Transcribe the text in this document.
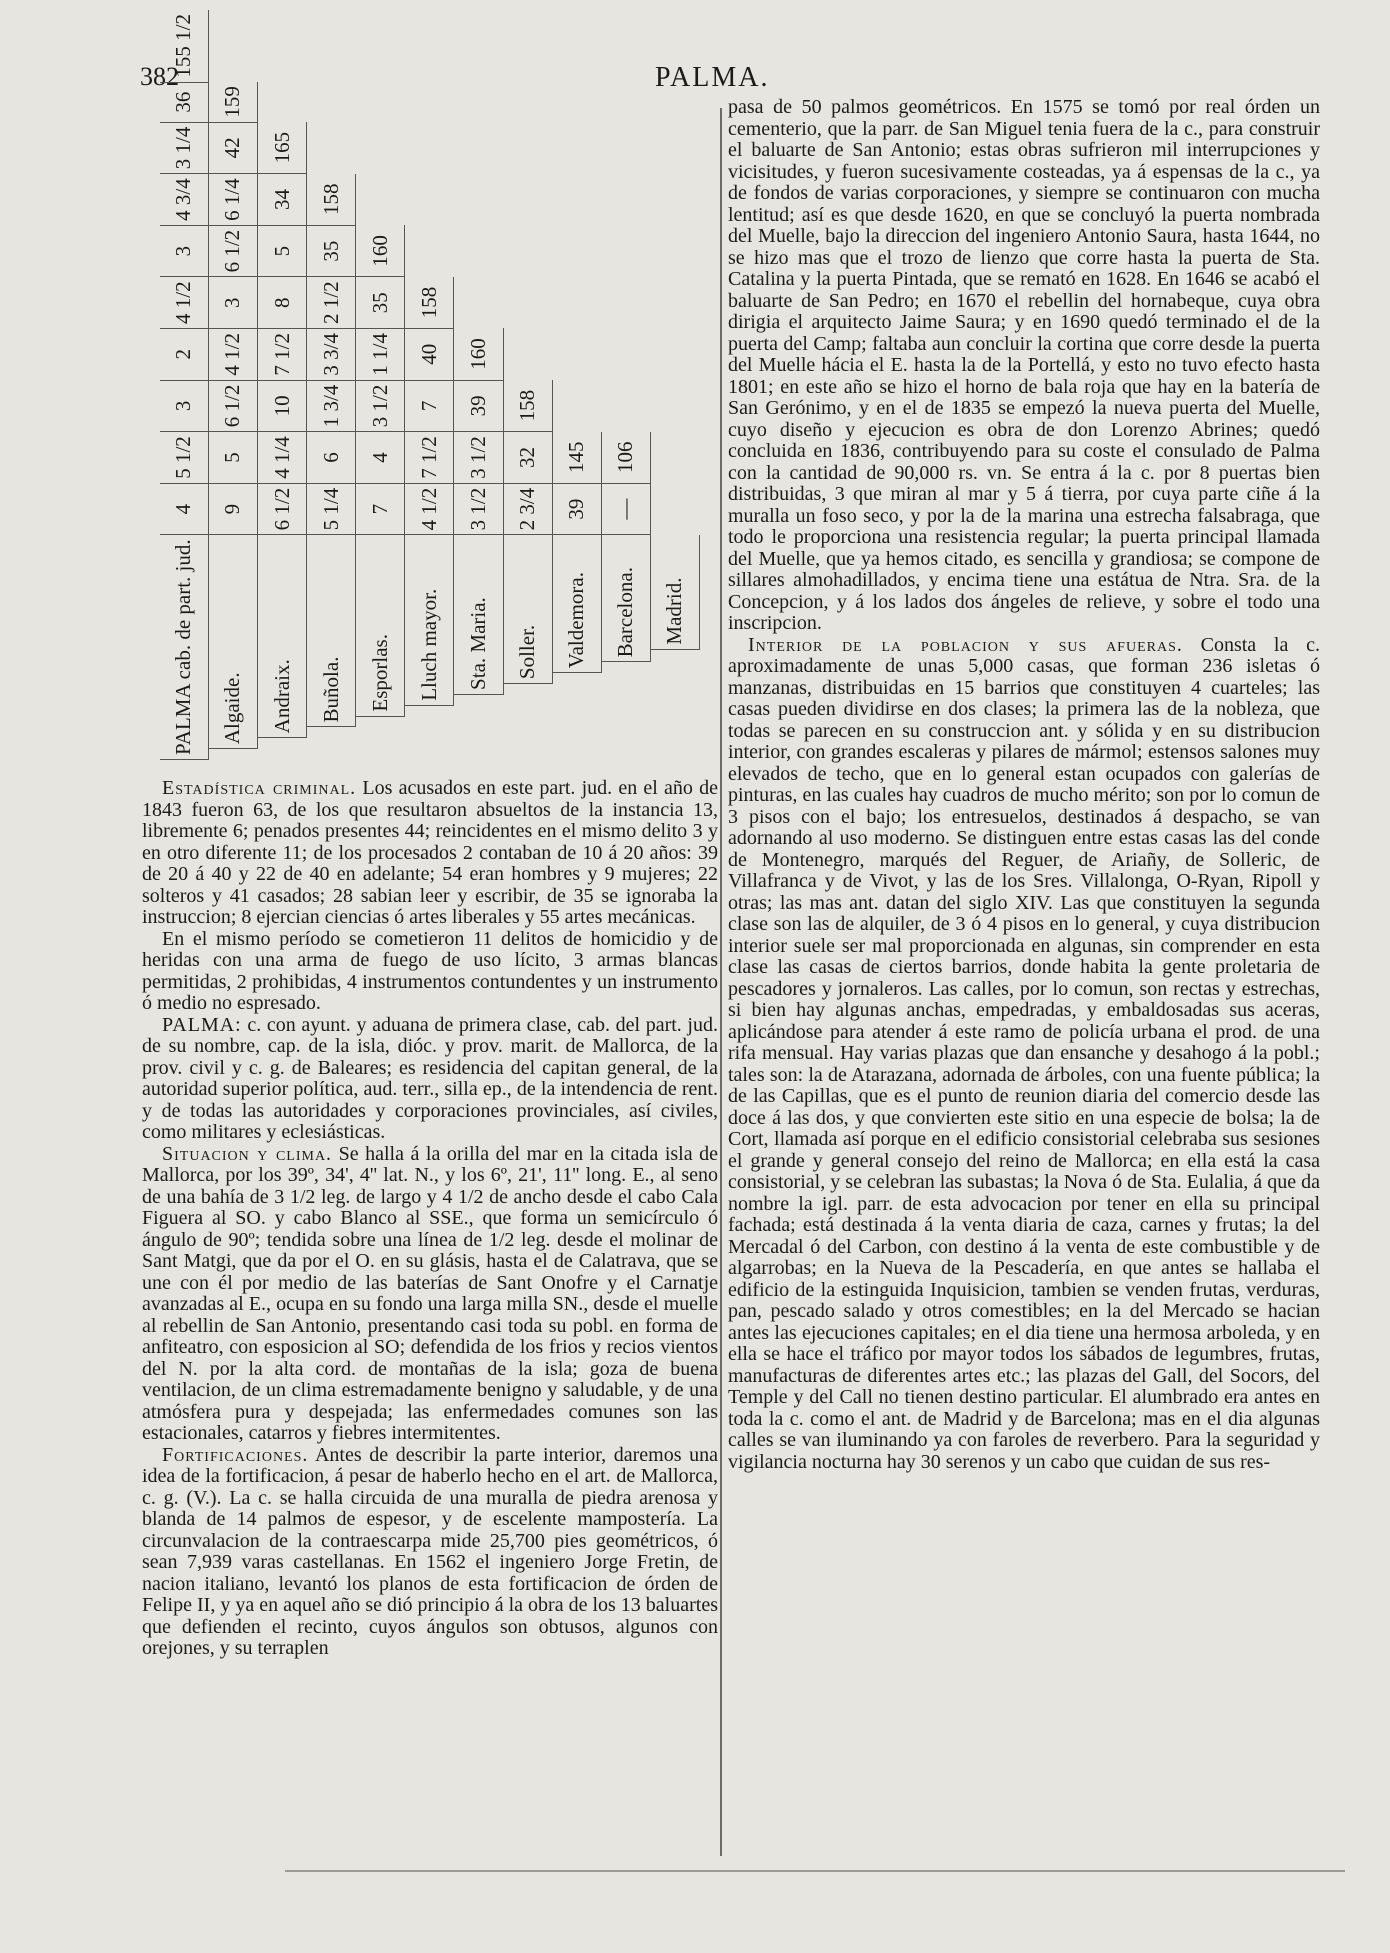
382	PALMA.
PALMA cab. de part. jud.											4	5 1/2	3	2	4 1/2	3	4 3/4	3 1/4	36	155 1/2
	Algaide.										9	5	6 1/2	4 1/2	3	6 1/2	6 1/4	42	159	
		Andraix.									6 1/2	4 1/4	10	7 1/2	8	5	34	165		
			Buñola.								5 1/4	6	1 3/4	3 3/4	2 1/2	35	158			
				Esporlas.							7	4	3 1/2	1 1/4	35	160				
					Lluch mayor.						4 1/2	7 1/2	7	40	158					
						Sta. Maria.					3 1/2	3 1/2	39	160						
							Soller.				2 3/4	32	158							
								Valdemora.			39	145								
									Barcelona.		—	106								
										Madrid.										

Estadística criminal. Los acusados en este part. jud. en el año de 1843 fueron 63, de los que resultaron absueltos de la instancia 13, libremente 6; penados presentes 44; reincidentes en el mismo delito 3 y en otro diferente 11; de los procesados 2 contaban de 10 á 20 años: 39 de 20 á 40 y 22 de 40 en adelante; 54 eran hombres y 9 mujeres; 22 solteros y 41 casados; 28 sabian leer y escribir, de 35 se ignoraba la instruccion; 8 ejercian ciencias ó artes liberales y 55 artes mecánicas.

En el mismo período se cometieron 11 delitos de homicidio y de heridas con una arma de fuego de uso lícito, 3 armas blancas permitidas, 2 prohibidas, 4 instrumentos contundentes y un instrumento ó medio no espresado.

PALMA: c. con ayunt. y aduana de primera clase, cab. del part. jud. de su nombre, cap. de la isla, dióc. y prov. marit. de Mallorca, de la prov. civil y c. g. de Baleares; es residencia del capitan general, de la autoridad superior política, aud. terr., silla ep., de la intendencia de rent. y de todas las autoridades y corporaciones provinciales, así civiles, como militares y eclesiásticas.

Situacion y clima. Se halla á la orilla del mar en la citada isla de Mallorca, por los 39º, 34', 4'' lat. N., y los 6º, 21', 11'' long. E., al seno de una bahía de 3 1/2 leg. de largo y 4 1/2 de ancho desde el cabo Cala Figuera al SO. y cabo Blanco al SSE., que forma un semicírculo ó ángulo de 90º; tendida sobre una línea de 1/2 leg. desde el molinar de Sant Matgi, que da por el O. en su glásis, hasta el de Calatrava, que se une con él por medio de las baterías de Sant Onofre y el Carnatje avanzadas al E., ocupa en su fondo una larga milla SN., desde el muelle al rebellin de San Antonio, presentando casi toda su pobl. en forma de anfiteatro, con esposicion al SO; defendida de los frios y recios vientos del N. por la alta cord. de montañas de la isla; goza de buena ventilacion, de un clima estremadamente benigno y saludable, y de una atmósfera pura y despejada; las enfermedades comunes son las estacionales, catarros y fiebres intermitentes.

Fortificaciones. Antes de describir la parte interior, daremos una idea de la fortificacion, á pesar de haberlo hecho en el art. de Mallorca, c. g. (V.). La c. se halla circuida de una muralla de piedra arenosa y blanda de 14 palmos de espesor, y de escelente mampostería. La circunvalacion de la contraescarpa mide 25,700 pies geométricos, ó sean 7,939 varas castellanas. En 1562 el ingeniero Jorge Fretin, de nacion italiano, levantó los planos de esta fortificacion de órden de Felipe II, y ya en aquel año se dió principio á la obra de los 13 baluartes que defienden el recinto, cuyos ángulos son obtusos, algunos con orejones, y su terraplen

pasa de 50 palmos geométricos. En 1575 se tomó por real órden un cementerio, que la parr. de San Miguel tenia fuera de la c., para construir el baluarte de San Antonio; estas obras sufrieron mil interrupciones y vicisitudes, y fueron sucesivamente costeadas, ya á espensas de la c., ya de fondos de varias corporaciones, y siempre se continuaron con mucha lentitud; así es que desde 1620, en que se concluyó la puerta nombrada del Muelle, bajo la direccion del ingeniero Antonio Saura, hasta 1644, no se hizo mas que el trozo de lienzo que corre hasta la puerta de Sta. Catalina y la puerta Pintada, que se remató en 1628. En 1646 se acabó el baluarte de San Pedro; en 1670 el rebellin del hornabeque, cuya obra dirigia el arquitecto Jaime Saura; y en 1690 quedó terminado el de la puerta del Camp; faltaba aun concluir la cortina que corre desde la puerta del Muelle hácia el E. hasta la de la Portellá, y esto no tuvo efecto hasta 1801; en este año se hizo el horno de bala roja que hay en la batería de San Gerónimo, y en el de 1835 se empezó la nueva puerta del Muelle, cuyo diseño y ejecucion es obra de don Lorenzo Abrines; quedó concluida en 1836, contribuyendo para su coste el consulado de Palma con la cantidad de 90,000 rs. vn. Se entra á la c. por 8 puertas bien distribuidas, 3 que miran al mar y 5 á tierra, por cuya parte ciñe á la muralla un foso seco, y por la de la marina una estrecha falsabraga, que todo le proporciona una resistencia regular; la puerta principal llamada del Muelle, que ya hemos citado, es sencilla y grandiosa; se compone de sillares almohadillados, y encima tiene una estátua de Ntra. Sra. de la Concepcion, y á los lados dos ángeles de relieve, y sobre el todo una inscripcion.

Interior de la poblacion y sus afueras. Consta la c. aproximadamente de unas 5,000 casas, que forman 236 isletas ó manzanas, distribuidas en 15 barrios que constituyen 4 cuarteles; las casas pueden dividirse en dos clases; la primera las de la nobleza, que todas se parecen en su construccion ant. y sólida y en su distribucion interior, con grandes escaleras y pilares de mármol; estensos salones muy elevados de techo, que en lo general estan ocupados con galerías de pinturas, en las cuales hay cuadros de mucho mérito; son por lo comun de 3 pisos con el bajo; los entresuelos, destinados á despacho, se van adornando al uso moderno. Se distinguen entre estas casas las del conde de Montenegro, marqués del Reguer, de Ariañy, de Solleric, de Villafranca y de Vivot, y las de los Sres. Villalonga, O-Ryan, Ripoll y otras; las mas ant. datan del siglo XIV. Las que constituyen la segunda clase son las de alquiler, de 3 ó 4 pisos en lo general, y cuya distribucion interior suele ser mal proporcionada en algunas, sin comprender en esta clase las casas de ciertos barrios, donde habita la gente proletaria de pescadores y jornaleros. Las calles, por lo comun, son rectas y estrechas, si bien hay algunas anchas, empedradas, y embaldosadas sus aceras, aplicándose para atender á este ramo de policía urbana el prod. de una rifa mensual. Hay varias plazas que dan ensanche y desahogo á la pobl.; tales son: la de Atarazana, adornada de árboles, con una fuente pública; la de las Capillas, que es el punto de reunion diaria del comercio desde las doce á las dos, y que convierten este sitio en una especie de bolsa; la de Cort, llamada así porque en el edificio consistorial celebraba sus sesiones el grande y general consejo del reino de Mallorca; en ella está la casa consistorial, y se celebran las subastas; la Nova ó de Sta. Eulalia, á que da nombre la igl. parr. de esta advocacion por tener en ella su principal fachada; está destinada á la venta diaria de caza, carnes y frutas; la del Mercadal ó del Carbon, con destino á la venta de este combustible y de algarrobas; en la Nueva de la Pescadería, en que antes se hallaba el edificio de la estinguida Inquisicion, tambien se venden frutas, verduras, pan, pescado salado y otros comestibles; en la del Mercado se hacian antes las ejecuciones capitales; en el dia tiene una hermosa arboleda, y en ella se hace el tráfico por mayor todos los sábados de legumbres, frutas, manufacturas de diferentes artes etc.; las plazas del Gall, del Socors, del Temple y del Call no tienen destino particular. El alumbrado era antes en toda la c. como el ant. de Madrid y de Barcelona; mas en el dia algunas calles se van iluminando ya con faroles de reverbero. Para la seguridad y vigilancia nocturna hay 30 serenos y un cabo que cuidan de sus res-
